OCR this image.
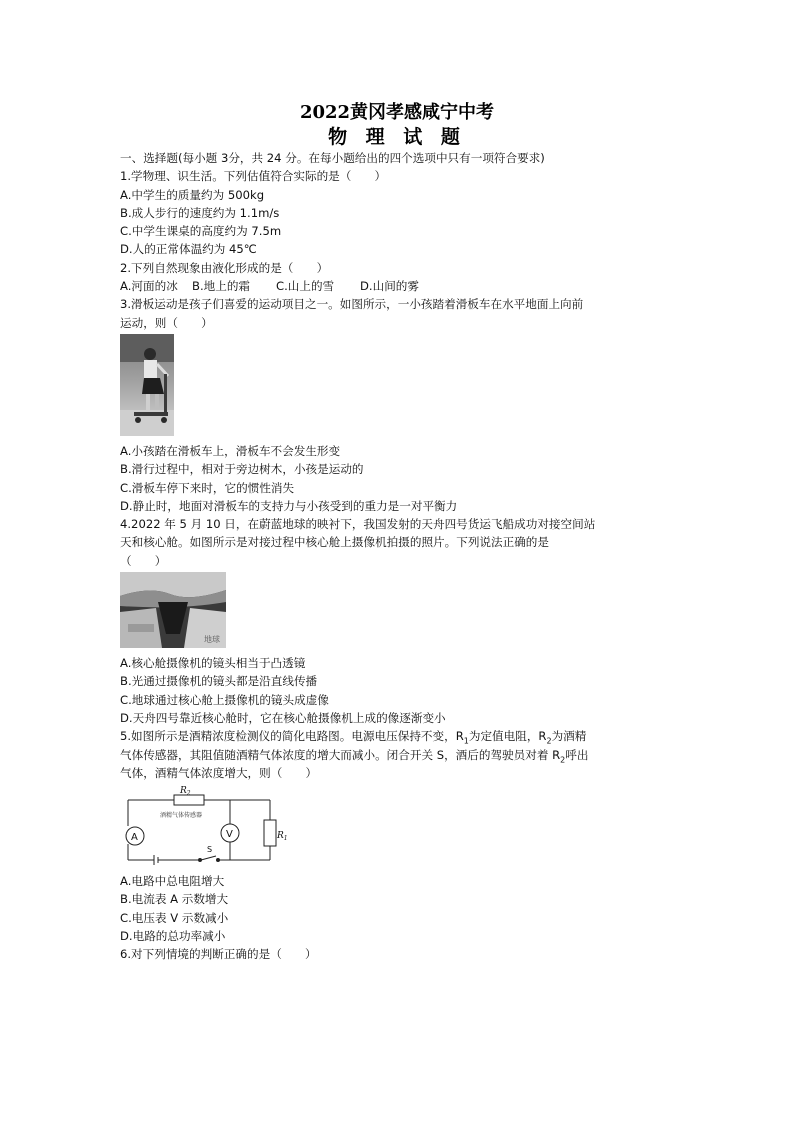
2022黄冈孝感咸宁中考
物 理 试 题
一、选择题(每小题 3分，共 24 分。在每小题给出的四个选项中只有一项符合要求)
1.学物理、识生活。下列估值符合实际的是（　　）
A.中学生的质量约为 500kg
B.成人步行的速度约为 1.1m/s
C.中学生课桌的高度约为 7.5m
D.人的正常体温约为 45℃
2.下列自然现象由液化形成的是（　　）
A.河面的冰 B.地上的霜 C.山上的雪 D.山间的雾
3.滑板运动是孩子们喜爱的运动项目之一。如图所示，一小孩踏着滑板车在水平地面上向前
运动，则（　　）
A.小孩踏在滑板车上，滑板车不会发生形变
B.滑行过程中，相对于旁边树木，小孩是运动的
C.滑板车停下来时，它的惯性消失
D.静止时，地面对滑板车的支持力与小孩受到的重力是一对平衡力
4.2022 年 5 月 10 日，在蔚蓝地球的映衬下，我国发射的天舟四号货运飞船成功对接空间站
天和核心舱。如图所示是对接过程中核心舱上摄像机拍摄的照片。下列说法正确的是
（　　）
地球
A.核心舱摄像机的镜头相当于凸透镜
B.光通过摄像机的镜头都是沿直线传播
C.地球通过核心舱上摄像机的镜头成虚像
D.天舟四号靠近核心舱时，它在核心舱摄像机上成的像逐渐变小
5.如图所示是酒精浓度检测仪的简化电路图。电源电压保持不变，$R_1$为定值电阻，$R_2$为酒精
气体传感器，其阻值随酒精气体浓度的增大而减小。闭合开关 S，酒后的驾驶员对着 $R_2$呼出
气体，酒精气体浓度增大，则（　　）
$R_2$
酒精气体传感器
A	V	$R_1$
S
A.电路中总电阻增大
B.电流表 A 示数增大
C.电压表 V 示数减小
D.电路的总功率减小
6.对下列情境的判断正确的是（　　）
